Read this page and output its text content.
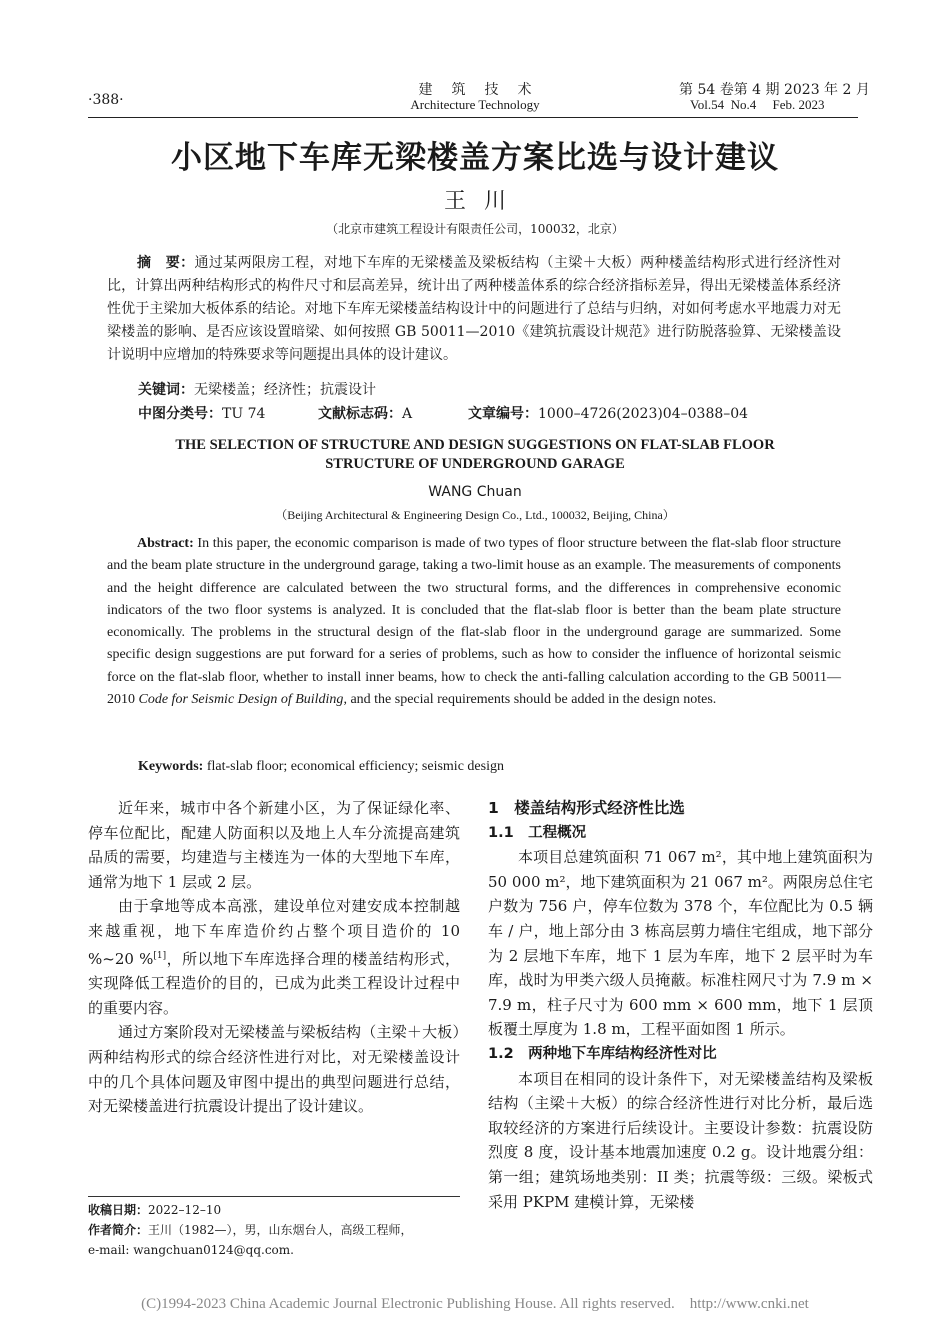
·388·
建筑技术
Architecture Technology
第 54 卷第 4 期 2023 年 2 月
Vol.54  No.4     Feb. 2023
小区地下车库无梁楼盖方案比选与设计建议
王川
（北京市建筑工程设计有限责任公司，100032，北京）
摘　要：通过某两限房工程，对地下车库的无梁楼盖及梁板结构（主梁＋大板）两种楼盖结构形式进行经济性对比，计算出两种结构形式的构件尺寸和层高差异，统计出了两种楼盖体系的综合经济指标差异，得出无梁楼盖体系经济性优于主梁加大板体系的结论。对地下车库无梁楼盖结构设计中的问题进行了总结与归纳，对如何考虑水平地震力对无梁楼盖的影响、是否应该设置暗梁、如何按照 GB 50011—2010《建筑抗震设计规范》进行防脱落验算、无梁楼盖设计说明中应增加的特殊要求等问题提出具体的设计建议。
关键词：无梁楼盖；经济性；抗震设计
中图分类号：TU 74	文献标志码：A	文章编号：1000–4726(2023)04–0388–04
THE SELECTION OF STRUCTURE AND DESIGN SUGGESTIONS ON FLAT-SLAB FLOOR
STRUCTURE OF UNDERGROUND GARAGE
WANG Chuan
（Beijing Architectural & Engineering Design Co., Ltd., 100032, Beijing, China）
Abstract: In this paper, the economic comparison is made of two types of floor structure between the flat-slab floor structure and the beam plate structure in the underground garage, taking a two-limit house as an example. The measurements of components and the height difference are calculated between the two structural forms, and the differences in comprehensive economic indicators of the two floor systems is analyzed. It is concluded that the flat-slab floor is better than the beam plate structure economically. The problems in the structural design of the flat-slab floor in the underground garage are summarized. Some specific design suggestions are put forward for a series of problems, such as how to consider the influence of horizontal seismic force on the flat-slab floor, whether to install inner beams, how to check the anti-falling calculation according to the GB 50011—2010 Code for Seismic Design of Building, and the special requirements should be added in the design notes.
Keywords: flat-slab floor; economical efficiency; seismic design

近年来，城市中各个新建小区，为了保证绿化率、停车位配比，配建人防面积以及地上人车分流提高建筑品质的需要，均建造与主楼连为一体的大型地下车库，通常为地下 1 层或 2 层。

由于拿地等成本高涨，建设单位对建安成本控制越来越重视，地下车库造价约占整个项目造价的 10 %~20 %[1]，所以地下车库选择合理的楼盖结构形式，实现降低工程造价的目的，已成为此类工程设计过程中的重要内容。

通过方案阶段对无梁楼盖与梁板结构（主梁＋大板）两种结构形式的综合经济性进行对比，对无梁楼盖设计中的几个具体问题及审图中提出的典型问题进行总结，对无梁楼盖进行抗震设计提出了设计建议。

1　楼盖结构形式经济性比选

1.1　工程概况

本项目总建筑面积 71 067 m²，其中地上建筑面积为 50 000 m²，地下建筑面积为 21 067 m²。两限房总住宅户数为 756 户，停车位数为 378 个，车位配比为 0.5 辆车 / 户，地上部分由 3 栋高层剪力墙住宅组成，地下部分为 2 层地下车库，地下 1 层为车库，地下 2 层平时为车库，战时为甲类六级人员掩蔽。标准柱网尺寸为 7.9 m × 7.9 m，柱子尺寸为 600 mm × 600 mm，地下 1 层顶板覆土厚度为 1.8 m，工程平面如图 1 所示。

1.2　两种地下车库结构经济性对比

本项目在相同的设计条件下，对无梁楼盖结构及梁板结构（主梁＋大板）的综合经济性进行对比分析，最后选取较经济的方案进行后续设计。主要设计参数：抗震设防烈度 8 度，设计基本地震加速度 0.2 g。设计地震分组：第一组；建筑场地类别：II 类；抗震等级：三级。梁板式采用 PKPM 建模计算，无梁楼

收稿日期：2022–12–10
作者简介：王川（1982—），男，山东烟台人，高级工程师，
e-mail: wangchuan0124@qq.com.
(C)1994-2023 China Academic Journal Electronic Publishing House. All rights reserved.    http://www.cnki.net
